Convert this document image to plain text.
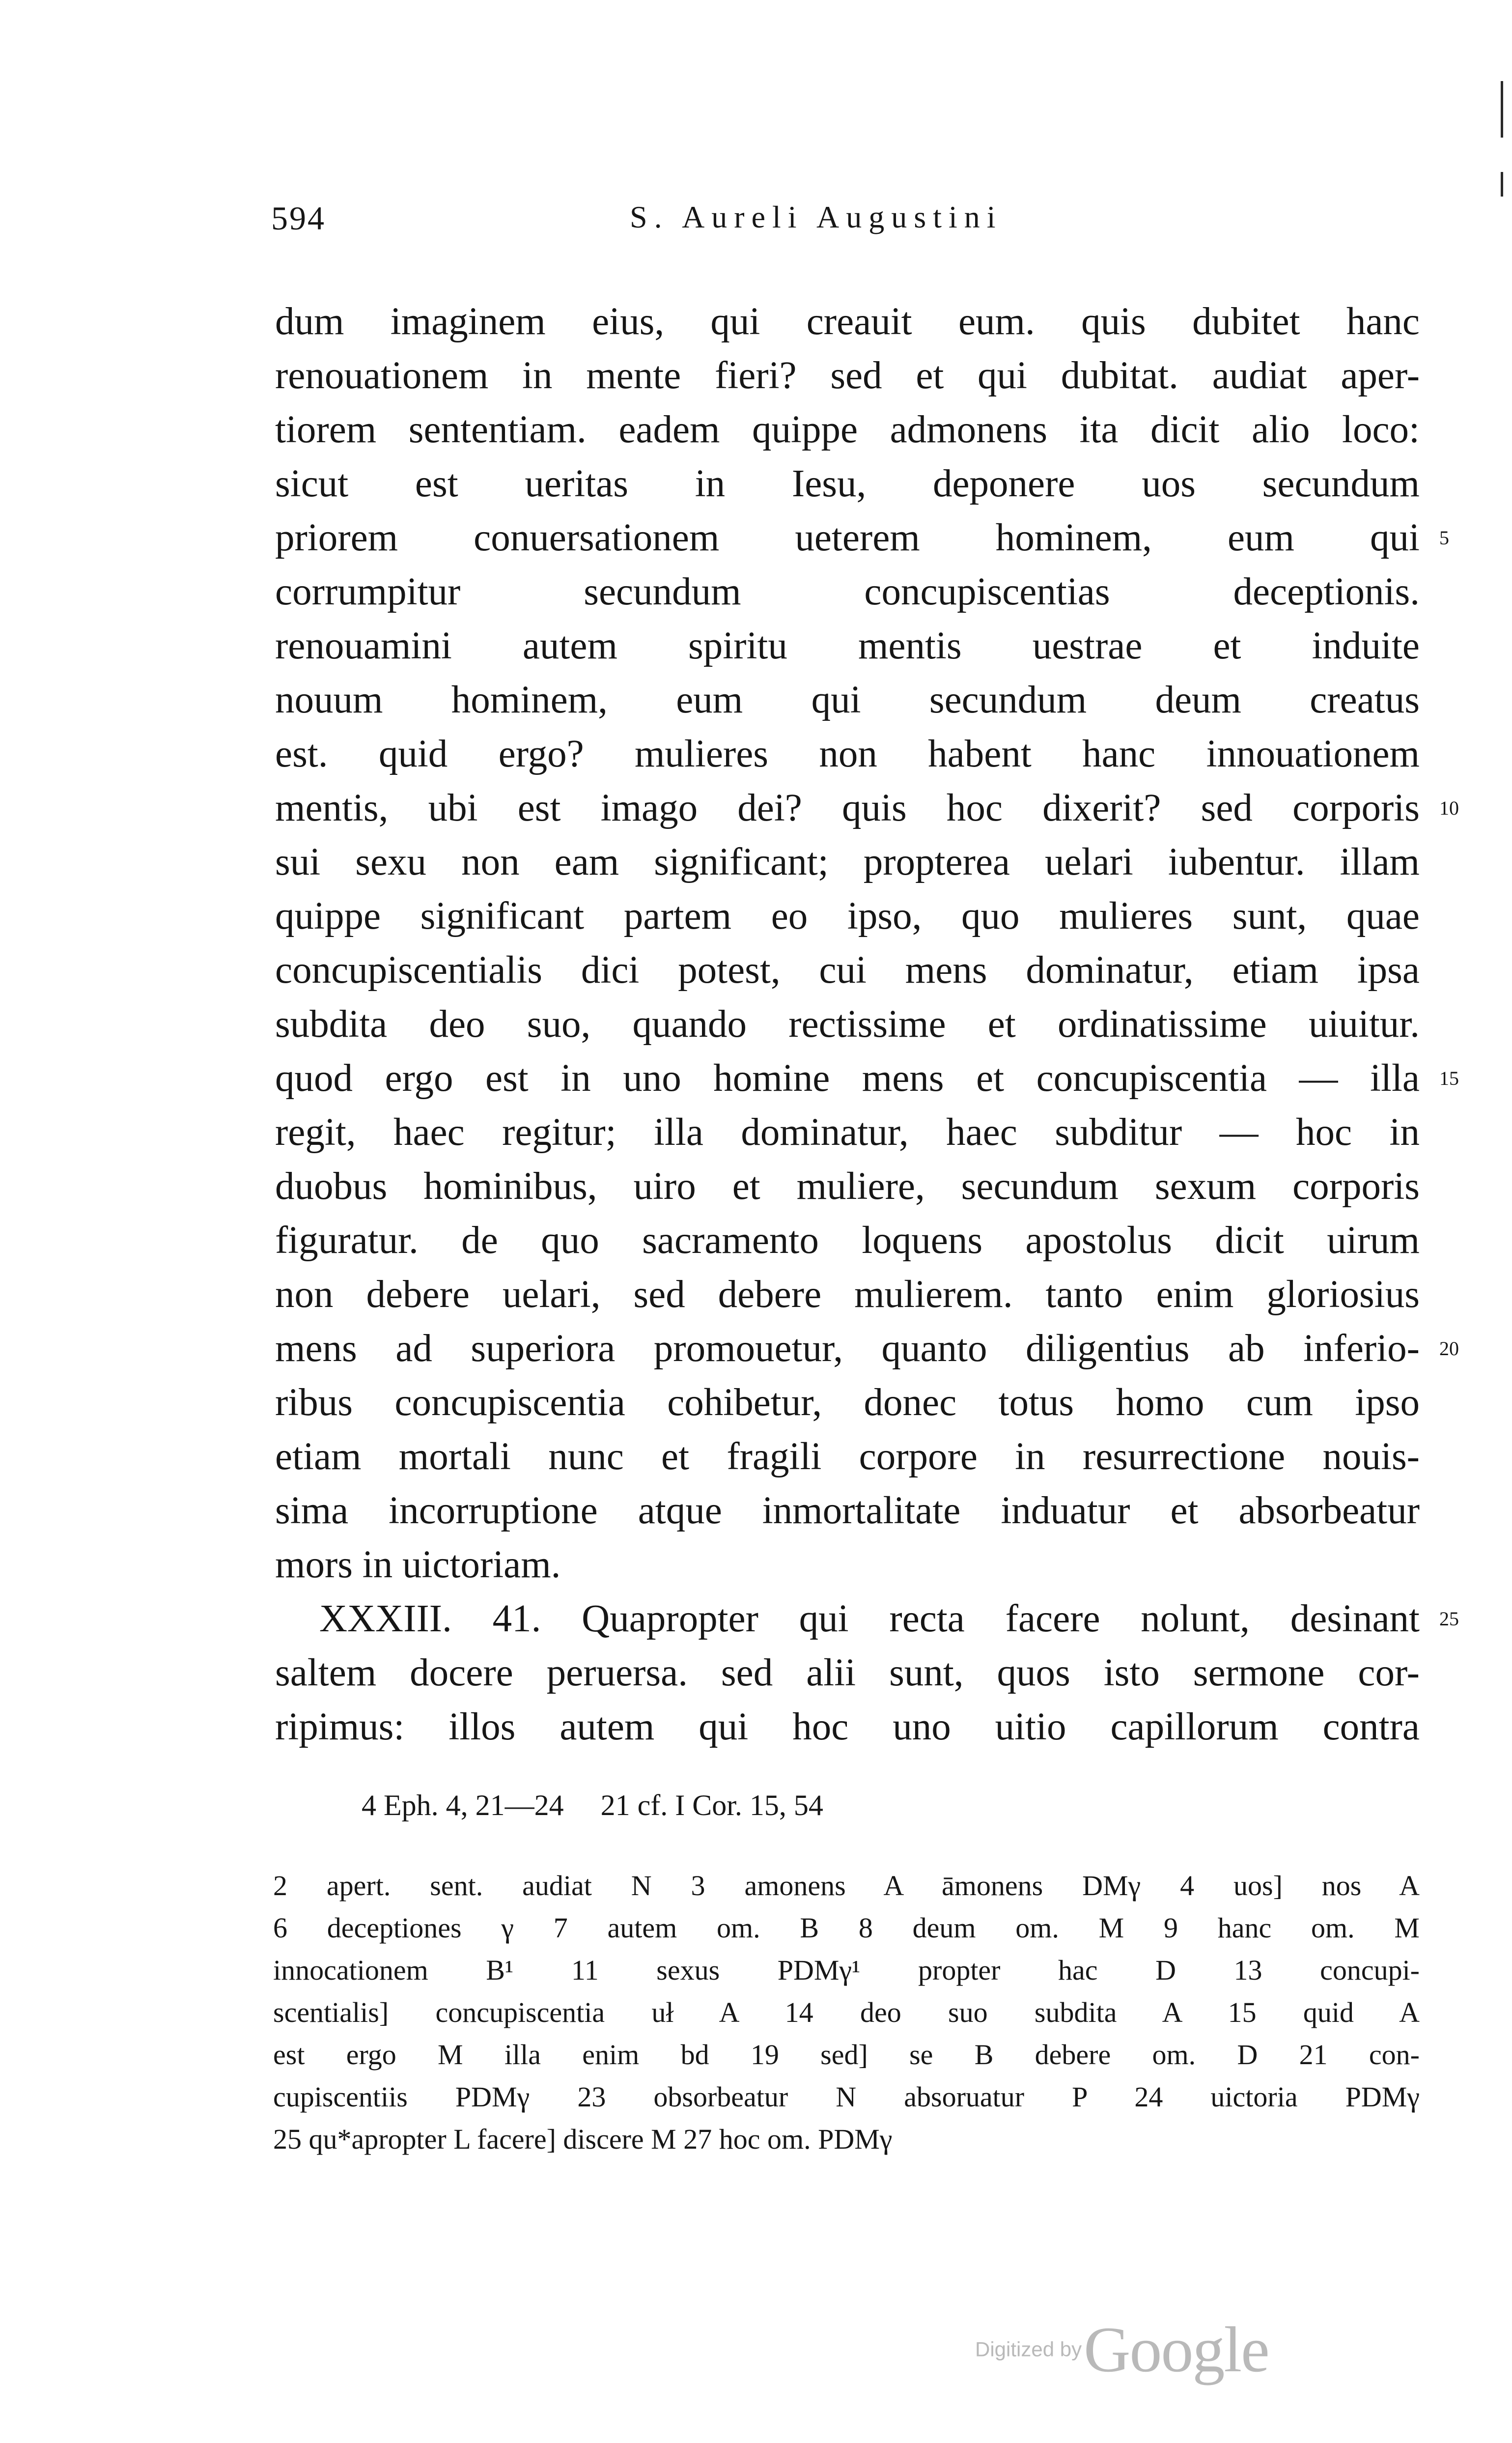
594	S. Aureli Augustini
dum imaginem eius, qui creauit eum. quis dubitet hanc
renouationem in mente fieri? sed et qui dubitat. audiat aper-
tiorem sententiam. eadem quippe admonens ita dicit alio loco:
sicut est ueritas in Iesu, deponere uos secundum
priorem conuersationem ueterem hominem, eum qui
corrumpitur secundum concupiscentias deceptionis.
renouamini autem spiritu mentis uestrae et induite
nouum hominem, eum qui secundum deum creatus
est. quid ergo? mulieres non habent hanc innouationem
mentis, ubi est imago dei? quis hoc dixerit? sed corporis
sui sexu non eam significant; propterea uelari iubentur. illam
quippe significant partem eo ipso, quo mulieres sunt, quae
concupiscentialis dici potest, cui mens dominatur, etiam ipsa
subdita deo suo, quando rectissime et ordinatissime uiuitur.
quod ergo est in uno homine mens et concupiscentia — illa
regit, haec regitur; illa dominatur, haec subditur — hoc in
duobus hominibus, uiro et muliere, secundum sexum corporis
figuratur. de quo sacramento loquens apostolus dicit uirum
non debere uelari, sed debere mulierem. tanto enim gloriosius
mens ad superiora promouetur, quanto diligentius ab inferio-
ribus concupiscentia cohibetur, donec totus homo cum ipso
etiam mortali nunc et fragili corpore in resurrectione nouis-
sima incorruptione atque inmortalitate induatur et absorbeatur
mors in uictoriam.
XXXIII. 41. Quapropter qui recta facere nolunt, desinant
saltem docere peruersa. sed alii sunt, quos isto sermone cor-
ripimus: illos autem qui hoc uno uitio capillorum contra
5
10
15
20
25
4 Eph. 4, 21—24     21 cf. I Cor. 15, 54
2 apert. sent. audiat N 3 amonens A āmonens DMγ 4 uos] nos A
6 deceptiones γ 7 autem om. B 8 deum om. M 9 hanc om. M
innocationem B¹ 11 sexus PDMγ¹ propter hac D 13 concupi-
scentialis] concupiscentia uł A 14 deo suo subdita A 15 quid A
est ergo M illa enim bd 19 sed] se B debere om. D 21 con-
cupiscentiis PDMγ 23 obsorbeatur N absoruatur P 24 uictoria PDMγ
25 qu*apropter L facere] discere M 27 hoc om. PDMγ
Digitized by Google
